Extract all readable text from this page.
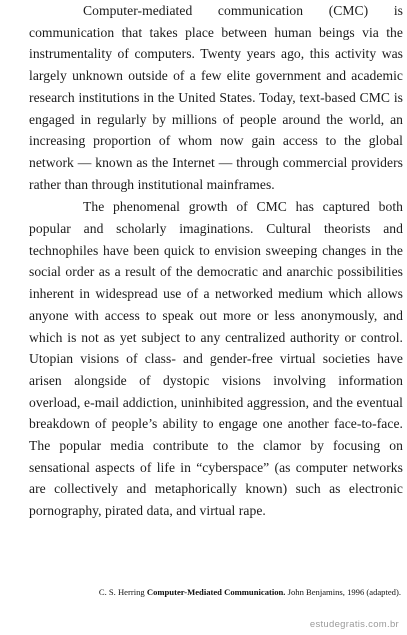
Computer-mediated communication (CMC) is communication that takes place between human beings via the instrumentality of computers. Twenty years ago, this activity was largely unknown outside of a few elite government and academic research institutions in the United States. Today, text-based CMC is engaged in regularly by millions of people around the world, an increasing proportion of whom now gain access to the global network — known as the Internet — through commercial providers rather than through institutional mainframes.

The phenomenal growth of CMC has captured both popular and scholarly imaginations. Cultural theorists and technophiles have been quick to envision sweeping changes in the social order as a result of the democratic and anarchic possibilities inherent in widespread use of a networked medium which allows anyone with access to speak out more or less anonymously, and which is not as yet subject to any centralized authority or control. Utopian visions of class- and gender-free virtual societies have arisen alongside of dystopic visions involving information overload, e-mail addiction, uninhibited aggression, and the eventual breakdown of people’s ability to engage one another face-to-face. The popular media contribute to the clamor by focusing on sensational aspects of life in “cyberspace” (as computer networks are collectively and metaphorically known) such as electronic pornography, pirated data, and virtual rape.

C. S. Herring Computer-Mediated Communication. John Benjamins, 1996 (adapted).
estudegratis.com.br
